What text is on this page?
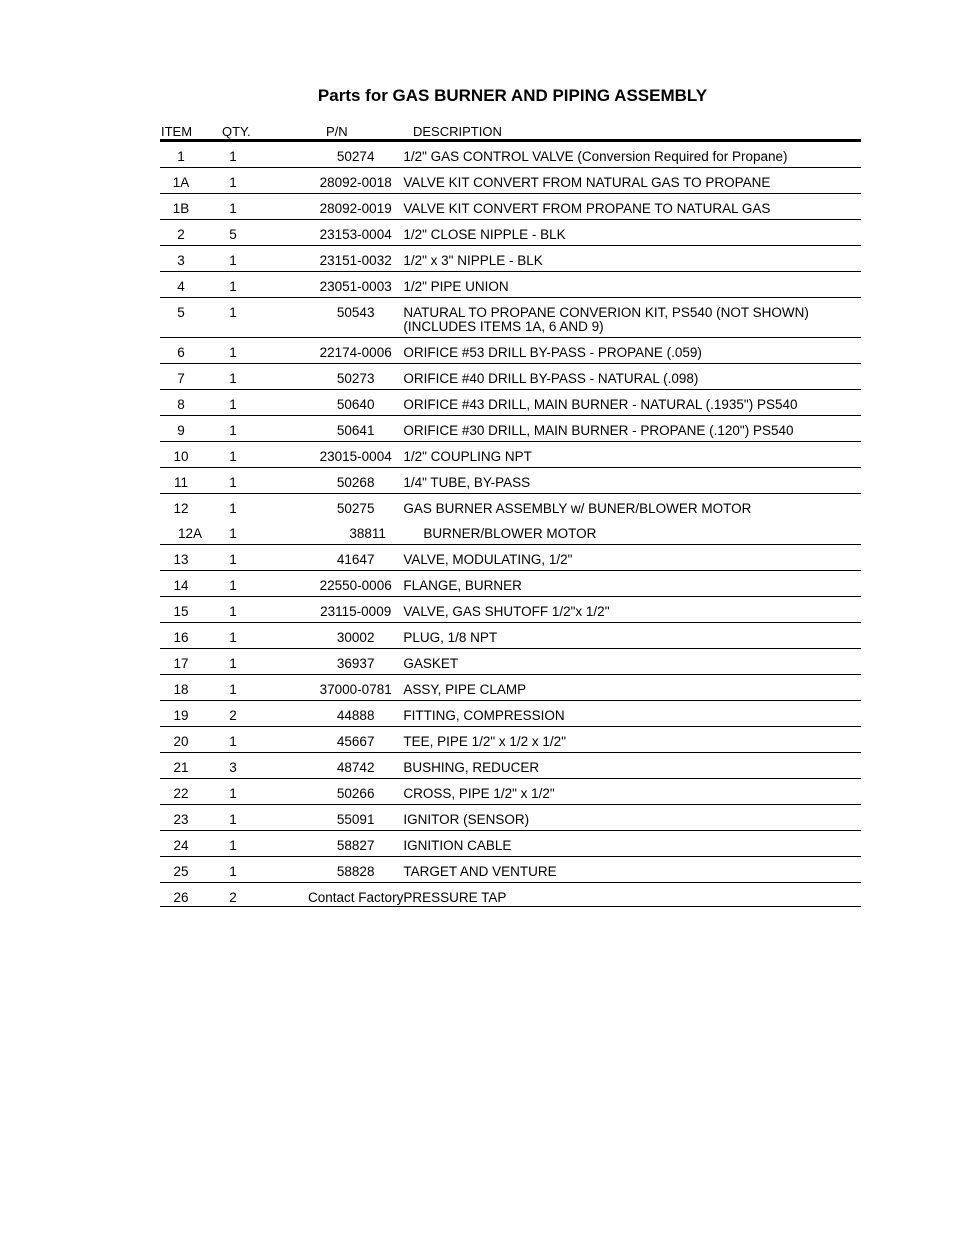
Parts for GAS BURNER AND PIPING ASSEMBLY
ITEM QTY.	P/N	DESCRIPTION
1	1	50274	1/2" GAS CONTROL VALVE (Conversion Required for Propane)

1A	1	28092-0018	VALVE KIT CONVERT FROM NATURAL GAS TO PROPANE

1B	1	28092-0019	VALVE KIT CONVERT FROM PROPANE TO NATURAL GAS

2	5	23153-0004	1/2" CLOSE NIPPLE - BLK

3	1	23151-0032	1/2" x 3" NIPPLE - BLK

4	1	23051-0003	1/2" PIPE UNION

5	1	50543	NATURAL TO PROPANE CONVERION KIT, PS540 (NOT SHOWN)
(INCLUDES ITEMS 1A, 6 AND 9)

6	1	22174-0006	ORIFICE #53 DRILL BY-PASS - PROPANE (.059)

7	1	50273	ORIFICE #40 DRILL BY-PASS - NATURAL (.098)

8	1	50640	ORIFICE #43 DRILL, MAIN BURNER - NATURAL (.1935") PS540

9	1	50641	ORIFICE #30 DRILL, MAIN BURNER - PROPANE (.120") PS540

10	1	23015-0004	1/2" COUPLING NPT

11	1	50268	1/4" TUBE, BY-PASS

12	1	50275	GAS BURNER ASSEMBLY w/ BUNER/BLOWER MOTOR

12A	1	38811	BURNER/BLOWER MOTOR

13	1	41647	VALVE, MODULATING, 1/2"

14	1	22550-0006	FLANGE, BURNER

15	1	23115-0009	VALVE, GAS SHUTOFF 1/2"x 1/2"

16	1	30002	PLUG, 1/8 NPT

17	1	36937	GASKET

18	1	37000-0781	ASSY, PIPE CLAMP

19	2	44888	FITTING, COMPRESSION

20	1	45667	TEE, PIPE 1/2" x 1/2 x 1/2"

21	3	48742	BUSHING, REDUCER

22	1	50266	CROSS, PIPE 1/2" x 1/2"

23	1	55091	IGNITOR (SENSOR)

24	1	58827	IGNITION CABLE

25	1	58828	TARGET AND VENTURE

26	2	Contact Factory	PRESSURE TAP
